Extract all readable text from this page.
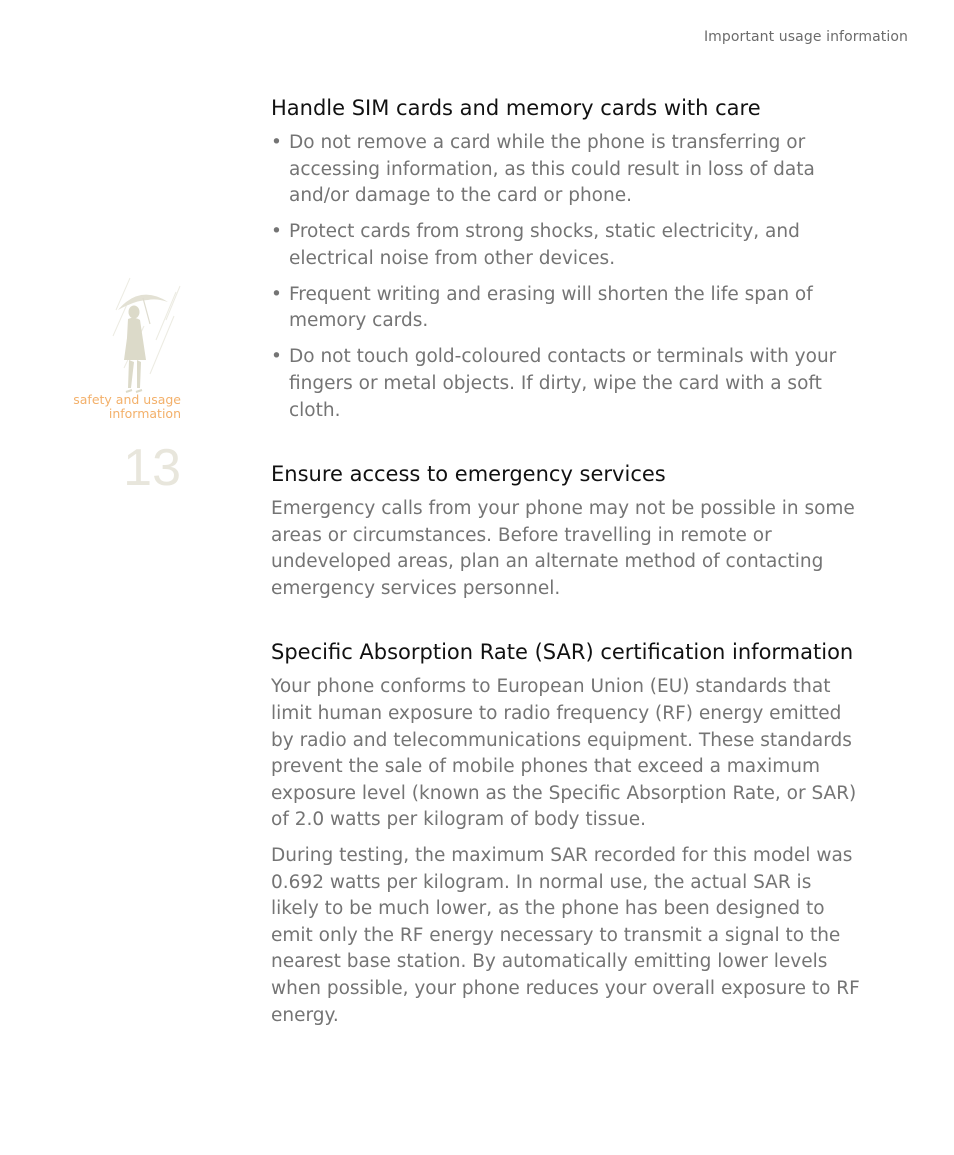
Important usage information
safety and usage information
13
Handle SIM cards and memory cards with care
• Do not remove a card while the phone is transferring or accessing information, as this could result in loss of data and/or damage to the card or phone.
• Protect cards from strong shocks, static electricity, and electrical noise from other devices.
• Frequent writing and erasing will shorten the life span of memory cards.
• Do not touch gold-coloured contacts or terminals with your fingers or metal objects. If dirty, wipe the card with a soft cloth.
Ensure access to emergency services

Emergency calls from your phone may not be possible in some areas or circumstances. Before travelling in remote or undeveloped areas, plan an alternate method of contacting emergency services personnel.

Specific Absorption Rate (SAR) certification information

Your phone conforms to European Union (EU) standards that limit human exposure to radio frequency (RF) energy emitted by radio and telecommunications equipment. These standards prevent the sale of mobile phones that exceed a maximum exposure level (known as the Specific Absorption Rate, or SAR) of 2.0 watts per kilogram of body tissue.

During testing, the maximum SAR recorded for this model was 0.692 watts per kilogram. In normal use, the actual SAR is likely to be much lower, as the phone has been designed to emit only the RF energy necessary to transmit a signal to the nearest base station. By automatically emitting lower levels when possible, your phone reduces your overall exposure to RF energy.
